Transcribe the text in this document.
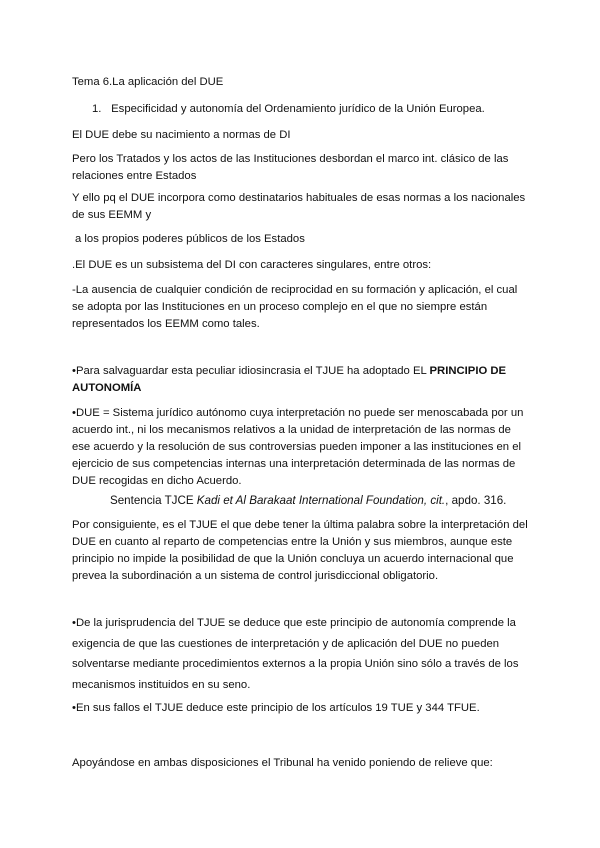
Tema 6.La aplicación del DUE

1. Especificidad y autonomía del Ordenamiento jurídico de la Unión Europea.

El DUE debe su nacimiento a normas de DI

Pero los Tratados y los actos de las Instituciones desbordan el marco int. clásico de las relaciones entre Estados

Y ello pq el DUE incorpora como destinatarios habituales de esas normas a los nacionales de sus EEMM y

a los propios poderes públicos de los Estados

.El DUE es un subsistema del DI con caracteres singulares, entre otros:

-La ausencia de cualquier condición de reciprocidad en su formación y aplicación, el cual se adopta por las Instituciones en un proceso complejo en el que no siempre están representados los EEMM como tales.

•Para salvaguardar esta peculiar idiosincrasia el TJUE ha adoptado EL PRINCIPIO DE AUTONOMÍA

•DUE = Sistema jurídico autónomo cuya interpretación no puede ser menoscabada por un acuerdo int., ni los mecanismos relativos a la unidad de interpretación de las normas de ese acuerdo y la resolución de sus controversias pueden imponer a las instituciones en el ejercicio de sus competencias internas una interpretación determinada de las normas de DUE recogidas en dicho Acuerdo.

Sentencia TJCE Kadi et Al Barakaat International Foundation, cit., apdo. 316.

Por consiguiente, es el TJUE el que debe tener la última palabra sobre la interpretación del DUE en cuanto al reparto de competencias entre la Unión y sus miembros, aunque este principio no impide la posibilidad de que la Unión concluya un acuerdo internacional que prevea la subordinación a un sistema de control jurisdiccional obligatorio.

•De la jurisprudencia del TJUE se deduce que este principio de autonomía comprende la exigencia de que las cuestiones de interpretación y de aplicación del DUE no pueden solventarse mediante procedimientos externos a la propia Unión sino sólo a través de los mecanismos instituidos en su seno.

•En sus fallos el TJUE deduce este principio de los artículos 19 TUE y 344 TFUE.

Apoyándose en ambas disposiciones el Tribunal ha venido poniendo de relieve que:
